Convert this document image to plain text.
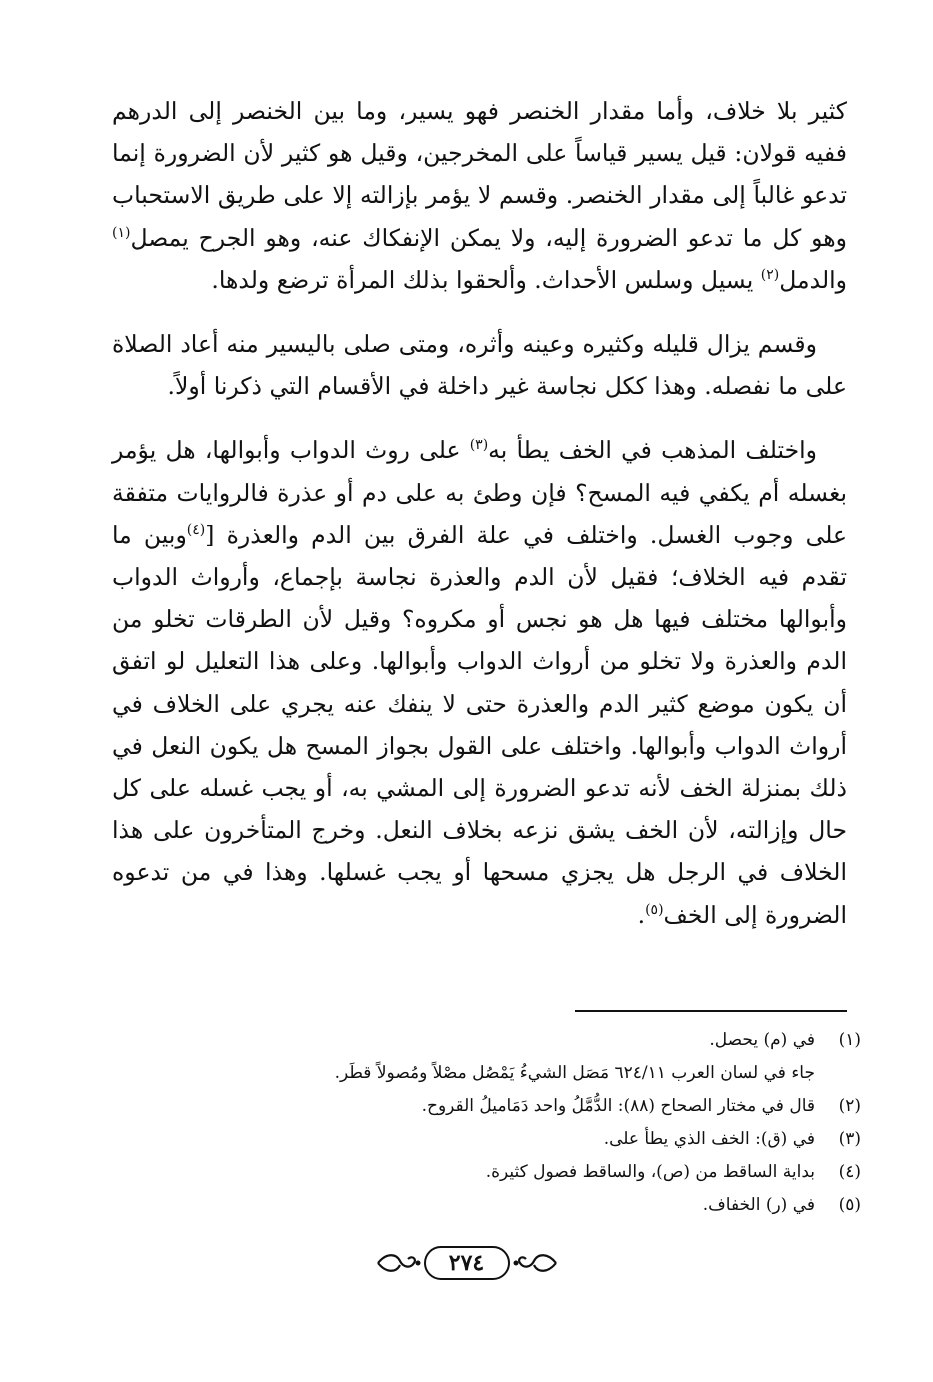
كثير بلا خلاف، وأما مقدار الخنصر فهو يسير، وما بين الخنصر إلى الدرهم ففيه قولان: قيل يسير قياساً على المخرجين، وقيل هو كثير لأن الضرورة إنما تدعو غالباً إلى مقدار الخنصر. وقسم لا يؤمر بإزالته إلا على طريق الاستحباب وهو كل ما تدعو الضرورة إليه، ولا يمكن الإنفكاك عنه، وهو الجرح يمصل$^{(١)}$ والدمل$^{(٢)}$ يسيل وسلس الأحداث. وألحقوا بذلك المرأة ترضع ولدها.

وقسم يزال قليله وكثيره وعينه وأثره، ومتى صلى باليسير منه أعاد الصلاة على ما نفصله. وهذا ككل نجاسة غير داخلة في الأقسام التي ذكرنا أولاً.

واختلف المذهب في الخف يطأ به$^{(٣)}$ على روث الدواب وأبوالها، هل يؤمر بغسله أم يكفي فيه المسح؟ فإن وطئ به على دم أو عذرة فالروايات متفقة على وجوب الغسل. واختلف في علة الفرق بين الدم والعذرة [$^{(٤)}$وبين ما تقدم فيه الخلاف؛ فقيل لأن الدم والعذرة نجاسة بإجماع، وأرواث الدواب وأبوالها مختلف فيها هل هو نجس أو مكروه؟ وقيل لأن الطرقات تخلو من الدم والعذرة ولا تخلو من أرواث الدواب وأبوالها. وعلى هذا التعليل لو اتفق أن يكون موضع كثير الدم والعذرة حتى لا ينفك عنه يجري على الخلاف في أرواث الدواب وأبوالها. واختلف على القول بجواز المسح هل يكون النعل في ذلك بمنزلة الخف لأنه تدعو الضرورة إلى المشي به، أو يجب غسله على كل حال وإزالته، لأن الخف يشق نزعه بخلاف النعل. وخرج المتأخرون على هذا الخلاف في الرجل هل يجزي مسحها أو يجب غسلها. وهذا في من تدعوه الضرورة إلى الخف$^{(٥)}$.

(١)في (م) يحصل.

جاء في لسان العرب ٦٢٤/١١ مَصَل الشيءُ يَمْصُل مصْلاً ومُصولاً قطَر.

(٢)قال في مختار الصحاح (٨٨): الدُّمَّلُ واحد دَمَاميلُ القروح.

(٣)في (ق): الخف الذي يطأ على.

(٤)بداية الساقط من (ص)، والساقط فصول كثيرة.

(٥)في (ر) الخفاف.

٢٧٤
